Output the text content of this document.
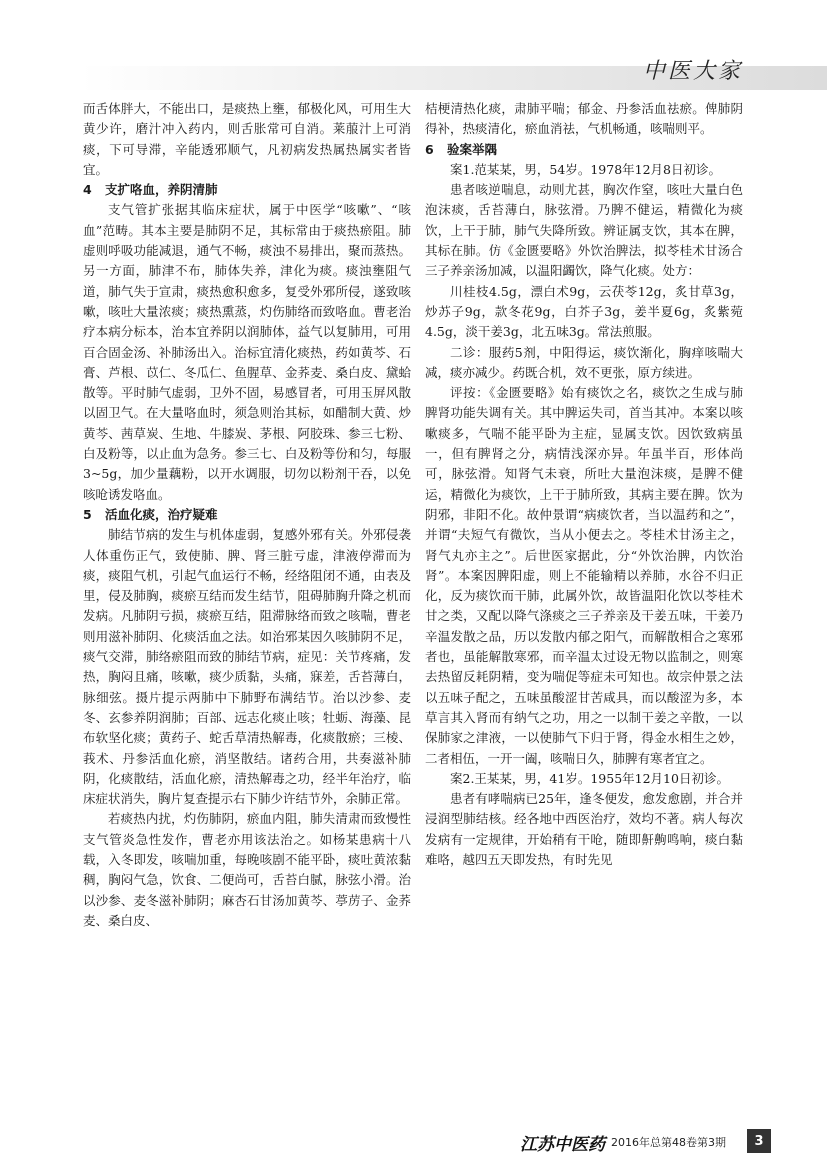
中医大家

而舌体胖大，不能出口，是痰热上壅，郁极化风，可用生大黄少许，磨汁冲入药内，则舌胀常可自消。莱菔汁上可消痰，下可导滞，辛能透邪顺气，凡初病发热属热属实者皆宜。

4 支扩咯血，养阴清肺

支气管扩张据其临床症状，属于中医学“咳嗽”、“咳血”范畴。其本主要是肺阴不足，其标常由于痰热瘀阻。肺虚则呼吸功能减退，通气不畅，痰浊不易排出，聚而蒸热。另一方面，肺津不布，肺体失养，津化为痰。痰浊壅阻气道，肺气失于宣肃，痰热愈积愈多，复受外邪所侵，遂致咳嗽，咳吐大量浓痰；痰热熏蒸，灼伤肺络而致咯血。曹老治疗本病分标本，治本宜养阴以润肺体，益气以复肺用，可用百合固金汤、补肺汤出入。治标宜清化痰热，药如黄芩、石膏、芦根、苡仁、冬瓜仁、鱼腥草、金荞麦、桑白皮、黛蛤散等。平时肺气虚弱，卫外不固，易感冒者，可用玉屏风散以固卫气。在大量咯血时，须急则治其标，如醋制大黄、炒黄芩、茜草炭、生地、牛膝炭、茅根、阿胶珠、参三七粉、白及粉等，以止血为急务。参三七、白及粉等份和匀，每服3~5g，加少量藕粉，以开水调服，切勿以粉剂干吞，以免咳呛诱发咯血。

5 活血化痰，治疗疑难

肺结节病的发生与机体虚弱，复感外邪有关。外邪侵袭人体重伤正气，致使肺、脾、肾三脏亏虚，津液停滞而为痰，痰阻气机，引起气血运行不畅，经络阻闭不通，由表及里，侵及肺胸，痰瘀互结而发生结节，阻碍肺胸升降之机而发病。凡肺阴亏损，痰瘀互结，阻滞脉络而致之咳喘，曹老则用滋补肺阴、化痰活血之法。如治邪某因久咳肺阴不足，痰气交滞，肺络瘀阻而致的肺结节病，症见：关节疼痛，发热，胸闷且痛，咳嗽，痰少质黏，头痛，寐差，舌苔薄白，脉细弦。摄片提示两肺中下肺野布满结节。治以沙参、麦冬、玄参养阴润肺；百部、远志化痰止咳；牡蛎、海藻、昆布软坚化痰；黄药子、蛇舌草清热解毒，化痰散瘀；三棱、莪术、丹参活血化瘀，消坚散结。诸药合用，共奏滋补肺阴，化痰散结，活血化瘀，清热解毒之功，经半年治疗，临床症状消失，胸片复查提示右下肺少许结节外，余肺正常。

若痰热内扰，灼伤肺阴，瘀血内阻，肺失清肃而致慢性支气管炎急性发作，曹老亦用该法治之。如杨某患病十八载，入冬即发，咳喘加重，每晚咳剧不能平卧，痰吐黄浓黏稠，胸闷气急，饮食、二便尚可，舌苔白腻，脉弦小滑。治以沙参、麦冬滋补肺阴；麻杏石甘汤加黄芩、葶苈子、金荞麦、桑白皮、

桔梗清热化痰，肃肺平喘；郁金、丹参活血祛瘀。俾肺阴得补，热痰清化，瘀血消祛，气机畅通，咳喘则平。

6 验案举隅

案1.范某某，男，54岁。1978年12月8日初诊。

患者咳逆喘息，动则尤甚，胸次作窒，咳吐大量白色泡沫痰，舌苔薄白，脉弦滑。乃脾不健运，精微化为痰饮，上干于肺，肺气失降所致。辨证属支饮，其本在脾，其标在肺。仿《金匮要略》外饮治脾法，拟苓桂术甘汤合三子养亲汤加减，以温阳蠲饮，降气化痰。处方：

川桂枝4.5g，漂白术9g，云茯苓12g，炙甘草3g，炒苏子9g，款冬花9g，白芥子3g，姜半夏6g，炙紫菀4.5g，淡干姜3g，北五味3g。常法煎服。

二诊：服药5剂，中阳得运，痰饮渐化，胸痒咳喘大减，痰亦减少。药既合机，效不更张，原方续进。

评按：《金匮要略》始有痰饮之名，痰饮之生成与肺脾肾功能失调有关。其中脾运失司，首当其冲。本案以咳嗽痰多，气喘不能平卧为主症，显属支饮。因饮致病虽一，但有脾肾之分，病情浅深亦异。年虽半百，形体尚可，脉弦滑。知肾气未衰，所吐大量泡沫痰，是脾不健运，精微化为痰饮，上干于肺所致，其病主要在脾。饮为阴邪，非阳不化。故仲景谓“病痰饮者，当以温药和之”，并谓“夫短气有微饮，当从小便去之。苓桂术甘汤主之，肾气丸亦主之”。后世医家据此，分“外饮治脾，内饮治肾”。本案因脾阳虚，则上不能输精以养肺，水谷不归正化，反为痰饮而干肺，此属外饮，故皆温阳化饮以苓桂术甘之类，又配以降气涤痰之三子养亲及干姜五味，干姜乃辛温发散之品，历以发散内郁之阳气，而解散相合之寒邪者也，虽能解散寒邪，而辛温太过设无物以监制之，则寒去热留反耗阴精，变为喘促等症未可知也。故宗仲景之法以五味子配之，五味虽酸涩甘苦咸具，而以酸涩为多，本草言其入肾而有纳气之功，用之一以制干姜之辛散，一以保肺家之津液，一以使肺气下归于肾，得金水相生之妙，二者相伍，一开一阖，咳喘日久，肺脾有寒者宜之。

案2.王某某，男，41岁。1955年12月10日初诊。

患者有哮喘病已25年，逢冬便发，愈发愈剧，并合并浸润型肺结核。经各地中西医治疗，效均不著。病人每次发病有一定规律，开始稍有干呛，随即鼾齁鸣响，痰白黏难咯，越四五天即发热，有时先见

江苏中医药 2016年总第48卷第3期	3
